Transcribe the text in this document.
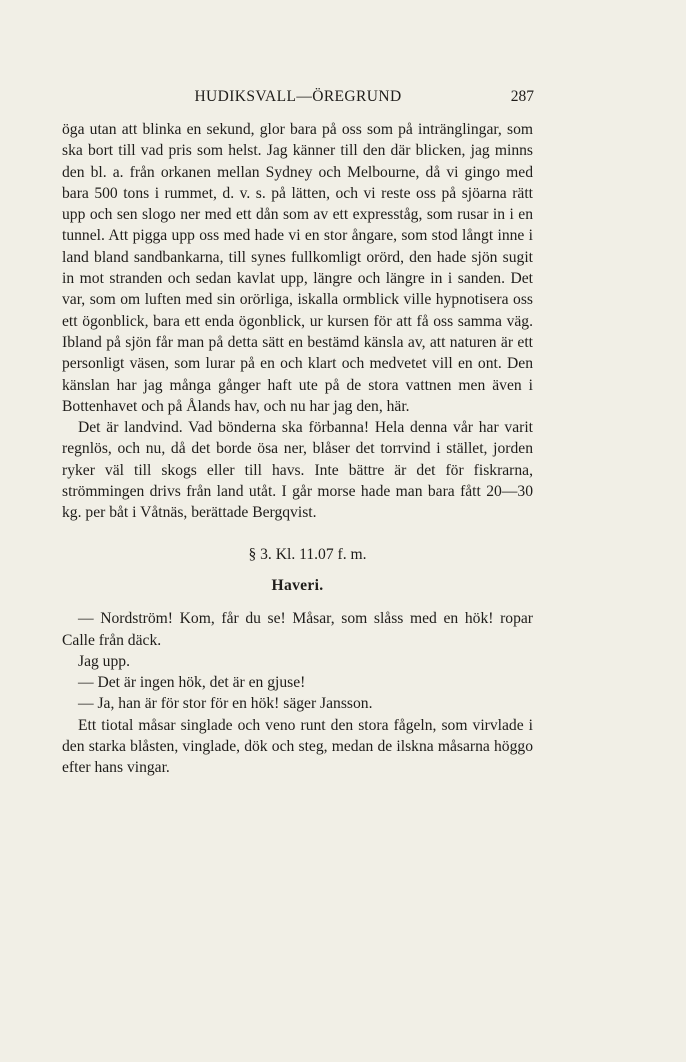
HUDIKSVALL—ÖREGRUND	287

öga utan att blinka en sekund, glor bara på oss som på intränglingar, som ska bort till vad pris som helst. Jag känner till den där blicken, jag minns den bl. a. från orkanen mellan Sydney och Melbourne, då vi gingo med bara 500 tons i rummet, d. v. s. på lätten, och vi reste oss på sjöarna rätt upp och sen slogo ner med ett dån som av ett expresståg, som rusar in i en tunnel. Att pigga upp oss med hade vi en stor ångare, som stod långt inne i land bland sandbankarna, till synes fullkomligt orörd, den hade sjön sugit in mot stranden och sedan kavlat upp, längre och längre in i sanden. Det var, som om luften med sin orörliga, iskalla ormblick ville hypnotisera oss ett ögonblick, bara ett enda ögonblick, ur kursen för att få oss samma väg. Ibland på sjön får man på detta sätt en bestämd känsla av, att naturen är ett personligt väsen, som lurar på en och klart och medvetet vill en ont. Den känslan har jag många gånger haft ute på de stora vattnen men även i Bottenhavet och på Ålands hav, och nu har jag den, här.

Det är landvind. Vad bönderna ska förbanna! Hela denna vår har varit regnlös, och nu, då det borde ösa ner, blåser det torrvind i stället, jorden ryker väl till skogs eller till havs. Inte bättre är det för fiskrarna, strömmingen drivs från land utåt. I går morse hade man bara fått 20—30 kg. per båt i Våtnäs, berättade Bergqvist.

§ 3. Kl. 11.07 f. m.

Haveri.

— Nordström! Kom, får du se! Måsar, som slåss med en hök! ropar Calle från däck.

Jag upp.

— Det är ingen hök, det är en gjuse!

— Ja, han är för stor för en hök! säger Jansson.

Ett tiotal måsar singlade och veno runt den stora fågeln, som virvlade i den starka blåsten, vinglade, dök och steg, medan de ilskna måsarna höggo efter hans vingar.
